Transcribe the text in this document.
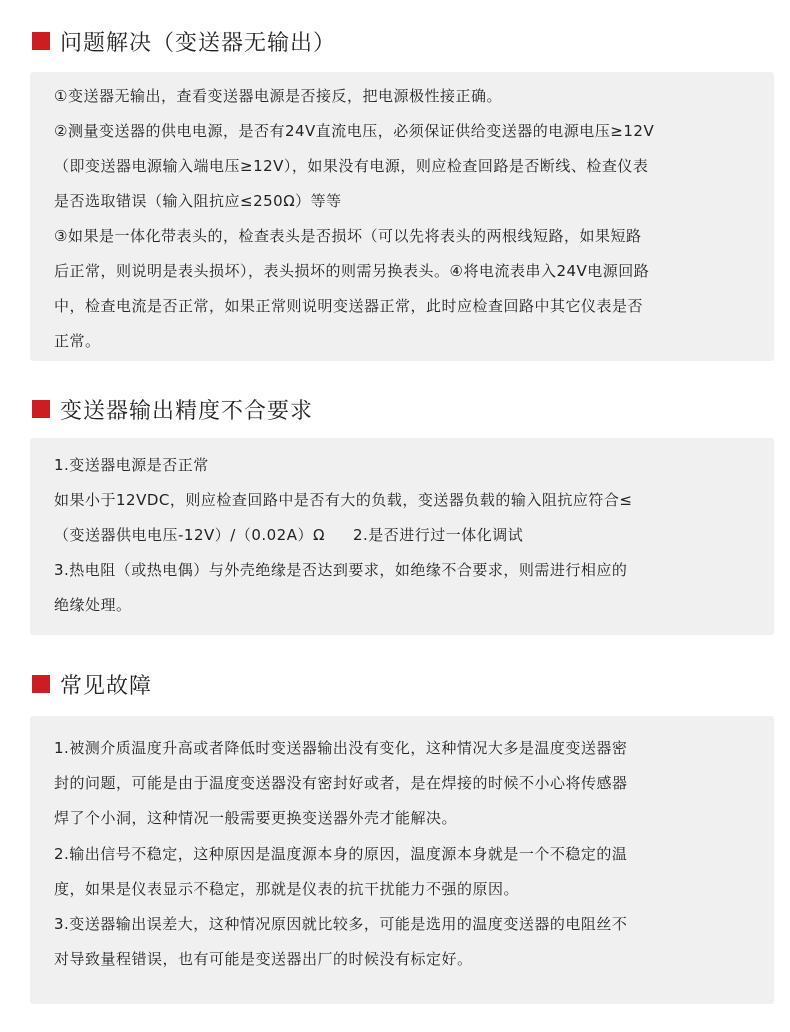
问题解决（变送器无输出）
①变送器无输出，查看变送器电源是否接反，把电源极性接正确。
②测量变送器的供电电源，是否有24V直流电压，必须保证供给变送器的电源电压≥12V
（即变送器电源输入端电压≥12V），如果没有电源，则应检查回路是否断线、检查仪表
是否选取错误（输入阻抗应≤250Ω）等等
③如果是一体化带表头的，检查表头是否损坏（可以先将表头的两根线短路，如果短路
后正常，则说明是表头损坏），表头损坏的则需另换表头。④将电流表串入24V电源回路
中，检查电流是否正常，如果正常则说明变送器正常，此时应检查回路中其它仪表是否
正常。
变送器输出精度不合要求
1.变送器电源是否正常
如果小于12VDC，则应检查回路中是否有大的负载，变送器负载的输入阻抗应符合≤
（变送器供电电压-12V）/（0.02A）Ω 2.是否进行过一体化调试
3.热电阻（或热电偶）与外壳绝缘是否达到要求，如绝缘不合要求，则需进行相应的
绝缘处理。
常见故障
1.被测介质温度升高或者降低时变送器输出没有变化，这种情况大多是温度变送器密
封的问题，可能是由于温度变送器没有密封好或者，是在焊接的时候不小心将传感器
焊了个小洞，这种情况一般需要更换变送器外壳才能解决。
2.输出信号不稳定，这种原因是温度源本身的原因，温度源本身就是一个不稳定的温
度，如果是仪表显示不稳定，那就是仪表的抗干扰能力不强的原因。
3.变送器输出误差大，这种情况原因就比较多，可能是选用的温度变送器的电阻丝不
对导致量程错误，也有可能是变送器出厂的时候没有标定好。
